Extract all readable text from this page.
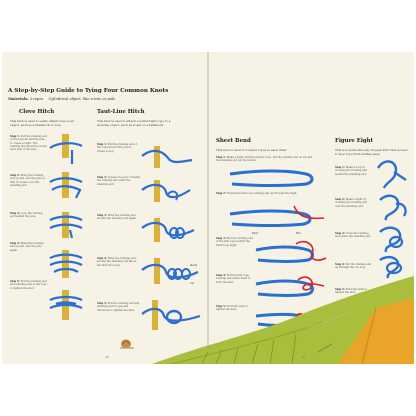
A Step-by-Step Guide to Tying Four Common Knots
Materials: 2 ropes Cylindrical object, like a tree or pole
Clove Hitch
This knot is used to easily attach rope to an object, such as a hammock or pole.
Step 1: Pull the running end of the rope around the pole to create a bight. The running end should be at the back side of the pole.
Step 2: Bring the running end up and over the pole so that it crosses over the standing end.
Step 3: Loop the running end behind the pole.
Step 4: Bring the running end up and over the pole again.
Step 5: Pull the running end and standing end of the rope to tighten the knot.
Taut-Line Hitch
This knot is used to attach a pulled-tight rope to a mooring object, such as a tent or a hammock.
Step 1: Pull the running end of the rope around the pole to create a loop.
Step 2: Create a loop by crossing the running end under the standing end.
Step 3: Wrap the running end around the standing end again.
Step 4: Wrap the running end around the standing end above the first two loops.
Step 5: Pull the running end and standing end in opposite directions to tighten the knot.
stand
run
40
Sheet Bend
This knot is used to connect ropes to each other.
Step 1: Make a bight with the thicker rope. Put the running end on top and the standing end on the bottom.
Step 2: Thread the thin rope running end up through the bight.
Step 3: Run the running end of the thin rope behind the thick rope bight.
Step 4: Pull the thin rope running end under itself to form the knot.
Step 5: Pull both ends to tighten the knot.
thin
thick
Figure Eight
This is a quick and easy stopper knot that is used to stop rope from sliding away.
Step 1: Make a loop by crossing the running end behind the standing end.
Step 2: Make a bight by crossing the running end over the standing end.
Step 3: Cross the running end under the standing end.
Step 4: Put the running end up through the top loop.
Step 5: Pull both ends to tighten the knot.
41
